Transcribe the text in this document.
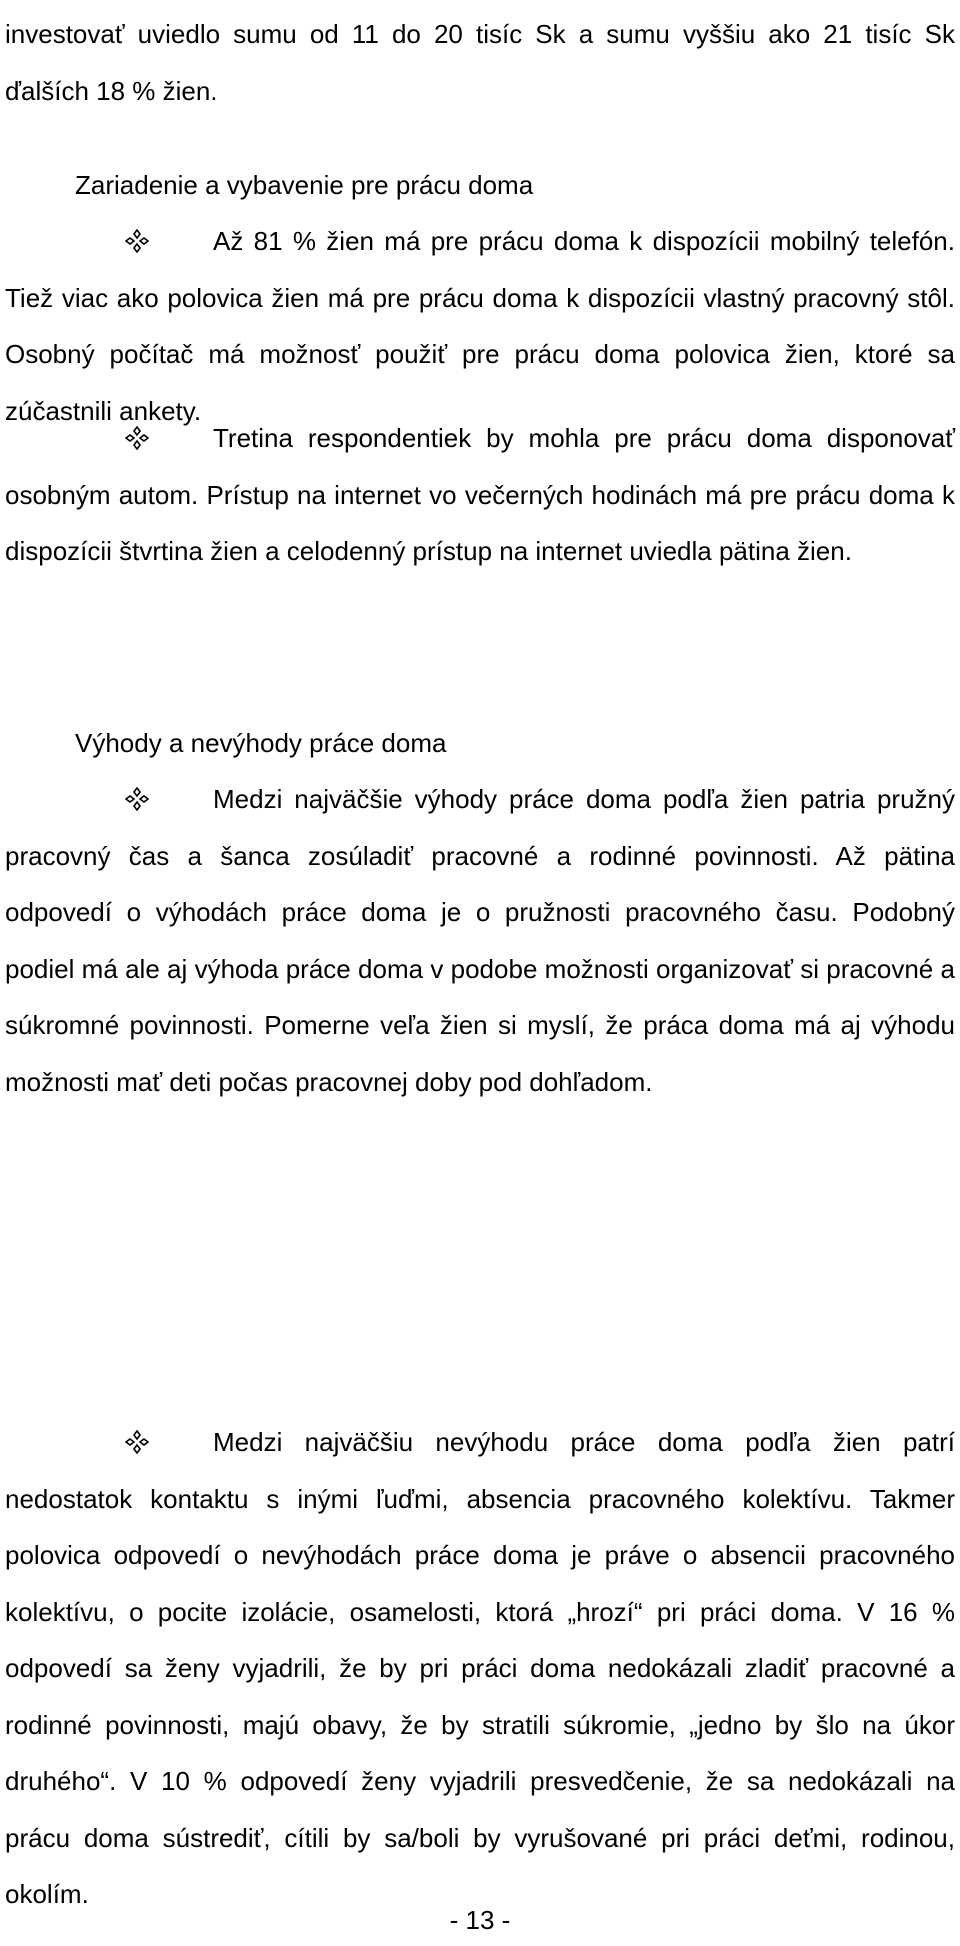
investovať uviedlo sumu od 11 do 20 tisíc Sk a sumu vyššiu ako 21 tisíc Sk ďalších 18 % žien.
Zariadenie a vybavenie pre prácu doma
Až 81 % žien má pre prácu doma k dispozícii mobilný telefón. Tiež viac ako polovica žien má pre prácu doma k dispozícii vlastný pracovný stôl. Osobný počítač má možnosť použiť pre prácu doma polovica žien, ktoré sa zúčastnili ankety.
Tretina respondentiek by mohla pre prácu doma disponovať osobným autom. Prístup na internet vo večerných hodinách má pre prácu doma k dispozícii štvrtina žien a celodenný prístup na internet uviedla pätina žien.
Výhody a nevýhody práce doma
Medzi najväčšie výhody práce doma podľa žien patria pružný pracovný čas a šanca zosúladiť pracovné a rodinné povinnosti. Až pätina odpovedí o výhodách práce doma je o pružnosti pracovného času. Podobný podiel má ale aj výhoda práce doma v podobe možnosti organizovať si pracovné a súkromné povinnosti. Pomerne veľa žien si myslí, že práca doma má aj výhodu možnosti mať deti počas pracovnej doby pod dohľadom.
Medzi najväčšiu nevýhodu práce doma podľa žien patrí nedostatok kontaktu s inými ľuďmi, absencia pracovného kolektívu. Takmer polovica odpovedí o nevýhodách práce doma je práve o absencii pracovného kolektívu, o pocite izolácie, osamelosti, ktorá „hrozí“ pri práci doma. V 16 % odpovedí sa ženy vyjadrili, že by pri práci doma nedokázali zladiť pracovné a rodinné povinnosti, majú obavy, že by stratili súkromie, „jedno by šlo na úkor druhého“. V 10 % odpovedí ženy vyjadrili presvedčenie, že sa nedokázali na prácu doma sústrediť, cítili by sa/boli by vyrušované pri práci deťmi, rodinou, okolím.
- 13 -
